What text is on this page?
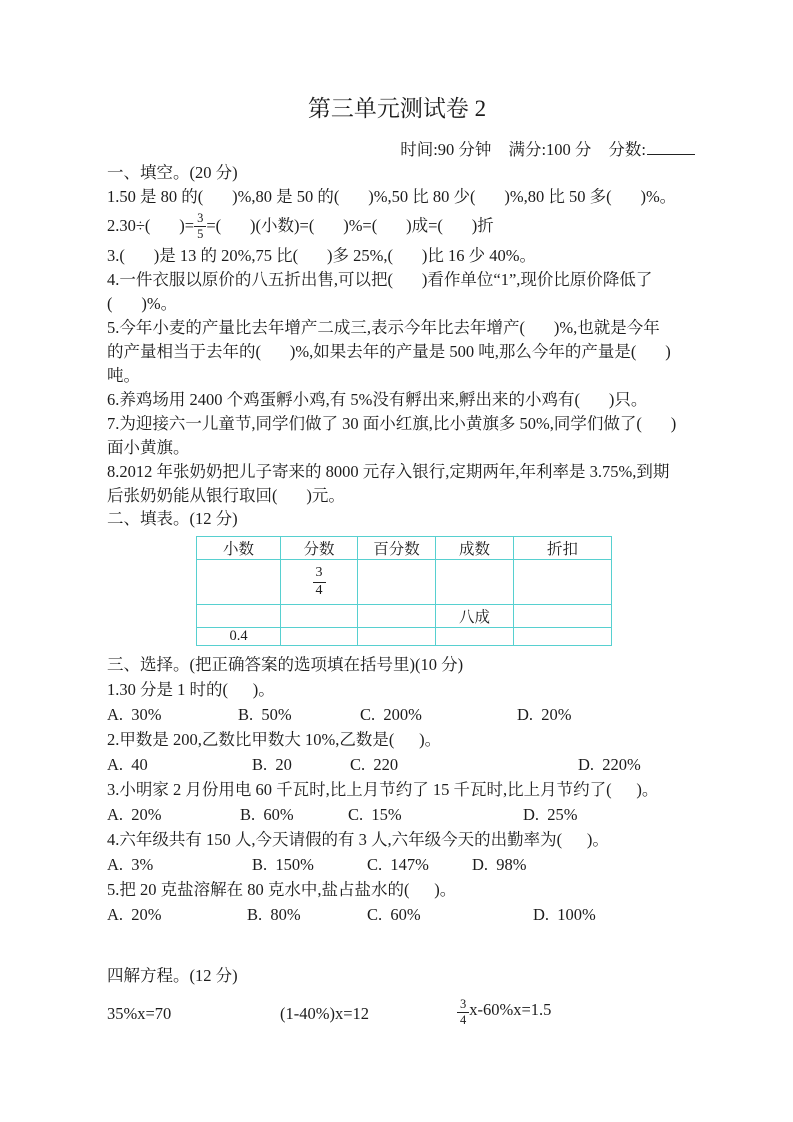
第三单元测试卷 2
时间:90 分钟 满分:100 分 分数:
一、填空。(20 分)
1.50 是 80 的(       )%,80 是 50 的(       )%,50 比 80 少(       )%,80 比 50 多(       )%。
2.30÷(       )= $\frac{3}{5}$ =(       )(小数)=(       )%=(       )成=(       )折
3.(       )是 13 的 20%,75 比(       )多 25%,(       )比 16 少 40%。
4.一件衣服以原价的八五折出售,可以把(       )看作单位“1”,现价比原价降低了
(       )%。
5.今年小麦的产量比去年增产二成三,表示今年比去年增产(       )%,也就是今年
的产量相当于去年的(       )%,如果去年的产量是 500 吨,那么今年的产量是(       )
吨。
6.养鸡场用 2400 个鸡蛋孵小鸡,有 5%没有孵出来,孵出来的小鸡有(       )只。
7.为迎接六一儿童节,同学们做了 30 面小红旗,比小黄旗多 50%,同学们做了(       )
面小黄旗。
8.2012 年张奶奶把儿子寄来的 8000 元存入银行,定期两年,年利率是 3.75%,到期
后张奶奶能从银行取回(       )元。
二、填表。(12 分)
小数	分数	百分数	成数	折扣

	$\frac{3}{4}$

			八成	
0.4				
三、选择。(把正确答案的选项填在括号里)(10 分)
1.30 分是 1 时的(      )。
A.  30%	B.  50%	C.  200%	D.  20%
2.甲数是 200,乙数比甲数大 10%,乙数是(      )。
A.  40	B.  20	C.  220	D.  220%
3.小明家 2 月份用电 60 千瓦时,比上月节约了 15 千瓦时,比上月节约了(      )。
A.  20%	B.  60%	C.  15%	D.  25%
4.六年级共有 150 人,今天请假的有 3 人,六年级今天的出勤率为(      )。
A.  3%	B.  150%	C.  147%	D.  98%
5.把 20 克盐溶解在 80 克水中,盐占盐水的(      )。
A.  20%	B.  80%	C.  60%	D.  100%
四解方程。(12 分)
35%x=70	(1-40%)x=12	$\frac{3}{4} x-60\%x=1.5$
